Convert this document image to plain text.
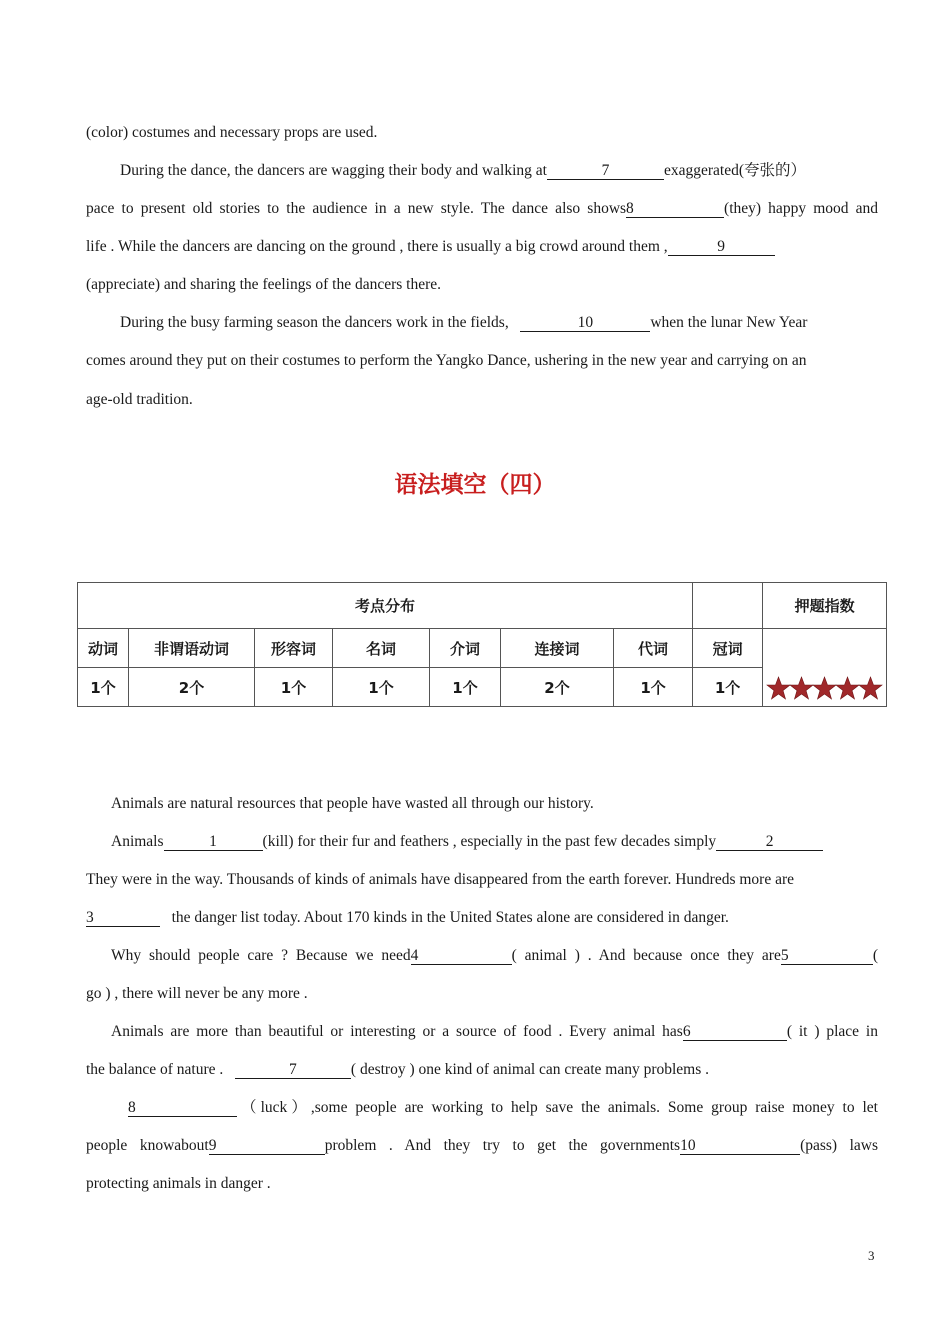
(color) costumes and necessary props are used.
During the dance, the dancers are wagging their body and walking at	7	exaggerated(夸张的）
pace to present old stories to the audience in a new style. The dance also shows8	(they) happy mood and
life . While the dancers are dancing on the ground , there is usually a big crowd around them ,	9
(appreciate) and sharing the feelings of the dancers there.
During the busy farming season the dancers work in the fields,	10	when the lunar New Year
comes around they put on their costumes to perform the Yangko Dance, ushering in the new year and carrying on an
age-old tradition.
语法填空（四）
考点分布								押题指数
动词	非谓语动词	形容词	名词	介词	连接词	代词	冠词	

1个	2个	1个	1个	1个	2个	1个	1个	
Animals are natural resources that people have wasted all through our history.
Animals	1	(kill) for their fur and feathers , especially in the past few decades simply	2
They were in the way. Thousands of kinds of animals have disappeared from the earth forever. Hundreds more are
3	the danger list today. About 170 kinds in the United States alone are considered in danger.
Why should people care ? Because we need4	( animal ) . And because once they are5	(
go ) , there will never be any more .
Animals are more than beautiful or interesting or a source of food . Every animal has6	( it ) place in
the balance of nature .	7	( destroy ) one kind of animal can create many problems .
8	（luck）,some people are working to help save the animals. Some group raise money to let
people knowabout9	problem . And they try to get the governments10	(pass) laws
protecting animals in danger .
3
